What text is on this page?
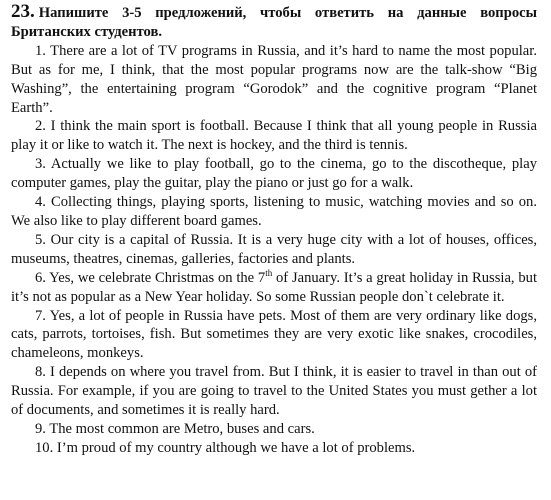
23. Напишите 3-5 предложений, чтобы ответить на данные вопросы Британских студентов.

1. There are a lot of TV programs in Russia, and it’s hard to name the most popular. But as for me, I think, that the most popular programs now are the talk-show “Big Washing”, the entertaining program “Gorodok” and the cognitive program “Planet Earth”.

2. I think the main sport is football. Because I think that all young people in Russia play it or like to watch it. The next is hockey, and the third is tennis.

3. Actually we like to play football, go to the cinema, go to the discotheque, play computer games, play the guitar, play the piano or just go for a walk.

4. Collecting things, playing sports, listening to music, watching movies and so on. We also like to play different board games.

5. Our city is a capital of Russia. It is a very huge city with a lot of houses, offices, museums, theatres, cinemas, galleries, factories and plants.

6. Yes, we celebrate Christmas on the 7th of January. It’s a great holiday in Russia, but it’s not as popular as a New Year holiday. So some Russian people don`t celebrate it.

7. Yes, a lot of people in Russia have pets. Most of them are very ordinary like dogs, cats, parrots, tortoises, fish. But sometimes they are very exotic like snakes, crocodiles, chameleons, monkeys.

8. I depends on where you travel from. But I think, it is easier to travel in than out of Russia. For example, if you are going to travel to the United States you must gether a lot of documents, and sometimes it is really hard.

9. The most common are Metro, buses and cars.

10. I’m proud of my country although we have a lot of problems.
